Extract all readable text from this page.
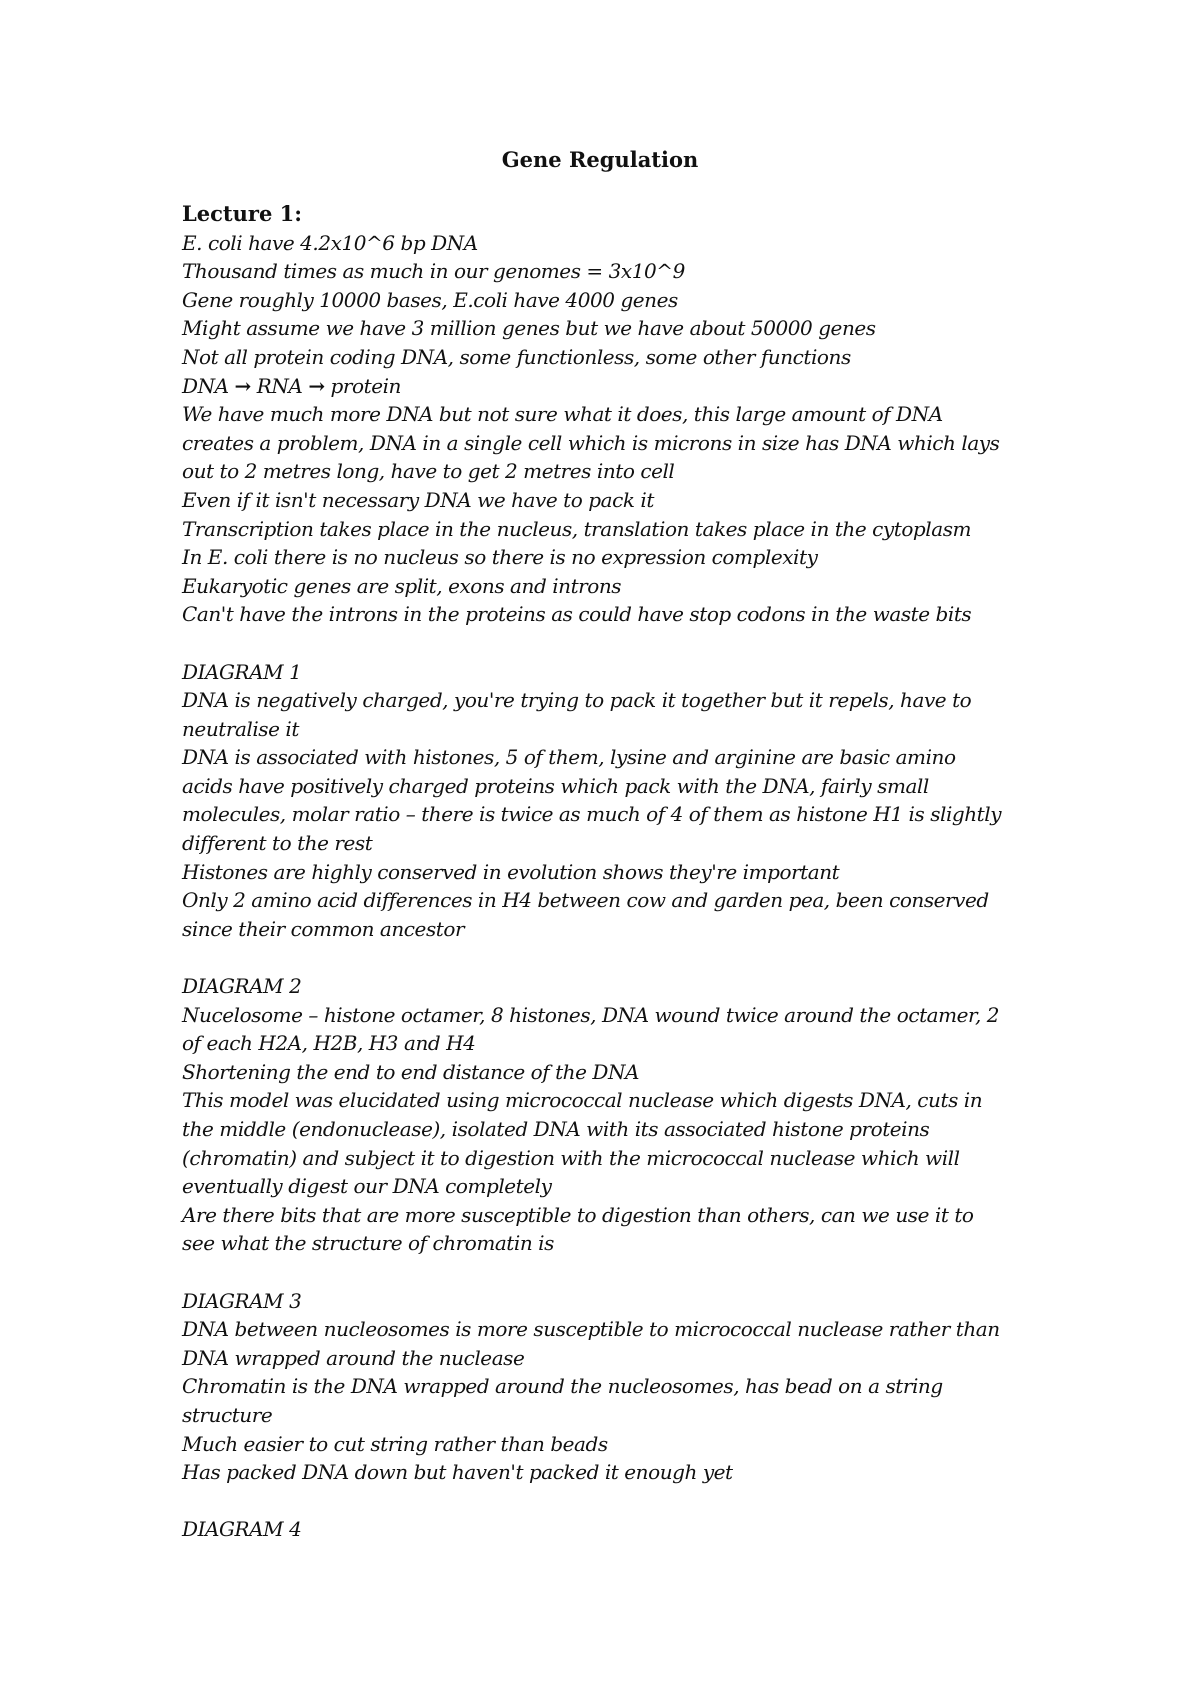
Gene Regulation
Lecture 1:
E. coli have 4.2x10^6 bp DNA
Thousand times as much in our genomes = 3x10^9
Gene roughly 10000 bases, E.coli have 4000 genes
Might assume we have 3 million genes but we have about 50000 genes
Not all protein coding DNA, some functionless, some other functions
DNA → RNA → protein
We have much more DNA but not sure what it does, this large amount of DNA
creates a problem, DNA in a single cell which is microns in size has DNA which lays
out to 2 metres long, have to get 2 metres into cell
Even if it isn't necessary DNA we have to pack it
Transcription takes place in the nucleus, translation takes place in the cytoplasm
In E. coli there is no nucleus so there is no expression complexity
Eukaryotic genes are split, exons and introns
Can't have the introns in the proteins as could have stop codons in the waste bits
DIAGRAM 1
DNA is negatively charged, you're trying to pack it together but it repels, have to
neutralise it
DNA is associated with histones, 5 of them, lysine and arginine are basic amino
acids have positively charged proteins which pack with the DNA, fairly small
molecules, molar ratio – there is twice as much of 4 of them as histone H1 is slightly
different to the rest
Histones are highly conserved in evolution shows they're important
Only 2 amino acid differences in H4 between cow and garden pea, been conserved
since their common ancestor
DIAGRAM 2
Nucelosome – histone octamer, 8 histones, DNA wound twice around the octamer, 2
of each H2A, H2B, H3 and H4
Shortening the end to end distance of the DNA
This model was elucidated using micrococcal nuclease which digests DNA, cuts in
the middle (endonuclease), isolated DNA with its associated histone proteins
(chromatin) and subject it to digestion with the micrococcal nuclease which will
eventually digest our DNA completely
Are there bits that are more susceptible to digestion than others, can we use it to
see what the structure of chromatin is
DIAGRAM 3
DNA between nucleosomes is more susceptible to micrococcal nuclease rather than
DNA wrapped around the nuclease
Chromatin is the DNA wrapped around the nucleosomes, has bead on a string
structure
Much easier to cut string rather than beads
Has packed DNA down but haven't packed it enough yet
DIAGRAM 4
